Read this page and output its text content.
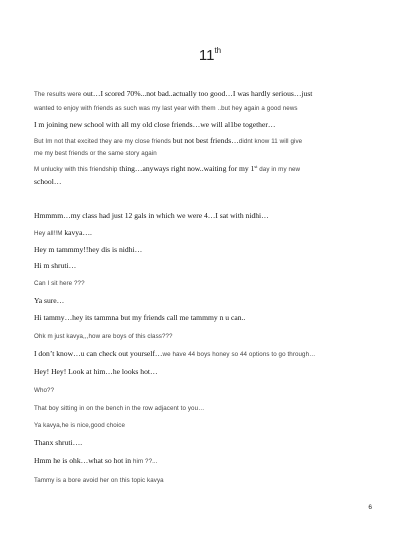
11th
The results were out…I scored 70%...not bad..actually too good…I was hardly serious…just
wanted to enjoy with friends as such was my last year with them ..but hey again a good news
I m joining new school with all my old close friends…we will al1be together…
But Im not that excited they are my close friends but not best friends…didnt know 11 will give
me my best friends or the same story again
M unlucky with this friendship thing…anyways right now..waiting for my 1st day in my new
school…
Hmmmm…my class had just 12 gals in which we were 4…I sat with nidhi…
Hey all!!M kavya….
Hey m tammmy!!hey dis is nidhi…
Hi m shruti…
Can I sit here ???
Ya sure…
Hi tammy…hey its tammna but my friends call me tammmy n u can..
Ohk m just kavya,,,how are boys of this class???
I don’t know…u can check out yourself…we have 44 boys honey so 44 options to go through…
Hey! Hey! Look at him…he looks hot…
Who??
That boy sitting in on the bench in the row adjacent to you…
Ya kavya,he is nice,good choice
Thanx shruti….
Hmm he is ohk…what so hot in him ??...
Tammy is a bore avoid her on this topic kavya
6
